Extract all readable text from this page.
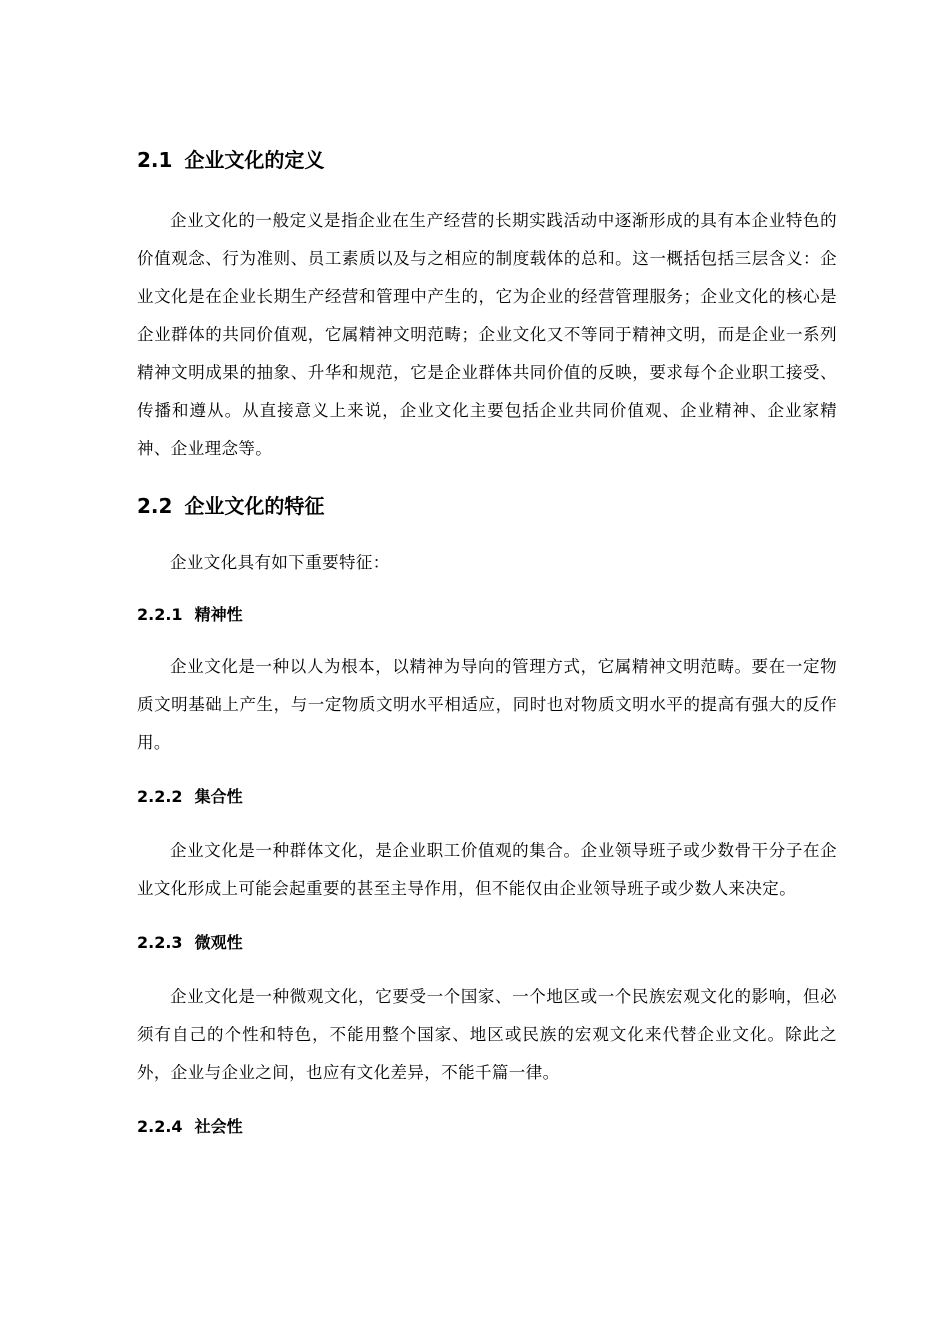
2.1 企业文化的定义

企业文化的一般定义是指企业在生产经营的长期实践活动中逐渐形成的具有本企业特色的价值观念、行为准则、员工素质以及与之相应的制度载体的总和。这一概括包括三层含义：企业文化是在企业长期生产经营和管理中产生的，它为企业的经营管理服务；企业文化的核心是企业群体的共同价值观，它属精神文明范畴；企业文化又不等同于精神文明，而是企业一系列精神文明成果的抽象、升华和规范，它是企业群体共同价值的反映，要求每个企业职工接受、传播和遵从。从直接意义上来说，企业文化主要包括企业共同价值观、企业精神、企业家精神、企业理念等。

2.2 企业文化的特征

企业文化具有如下重要特征：

2.2.1 精神性

企业文化是一种以人为根本，以精神为导向的管理方式，它属精神文明范畴。要在一定物质文明基础上产生，与一定物质文明水平相适应，同时也对物质文明水平的提高有强大的反作用。

2.2.2 集合性

企业文化是一种群体文化，是企业职工价值观的集合。企业领导班子或少数骨干分子在企业文化形成上可能会起重要的甚至主导作用，但不能仅由企业领导班子或少数人来决定。

2.2.3 微观性

企业文化是一种微观文化，它要受一个国家、一个地区或一个民族宏观文化的影响，但必须有自己的个性和特色，不能用整个国家、地区或民族的宏观文化来代替企业文化。除此之外，企业与企业之间，也应有文化差异，不能千篇一律。

2.2.4 社会性
